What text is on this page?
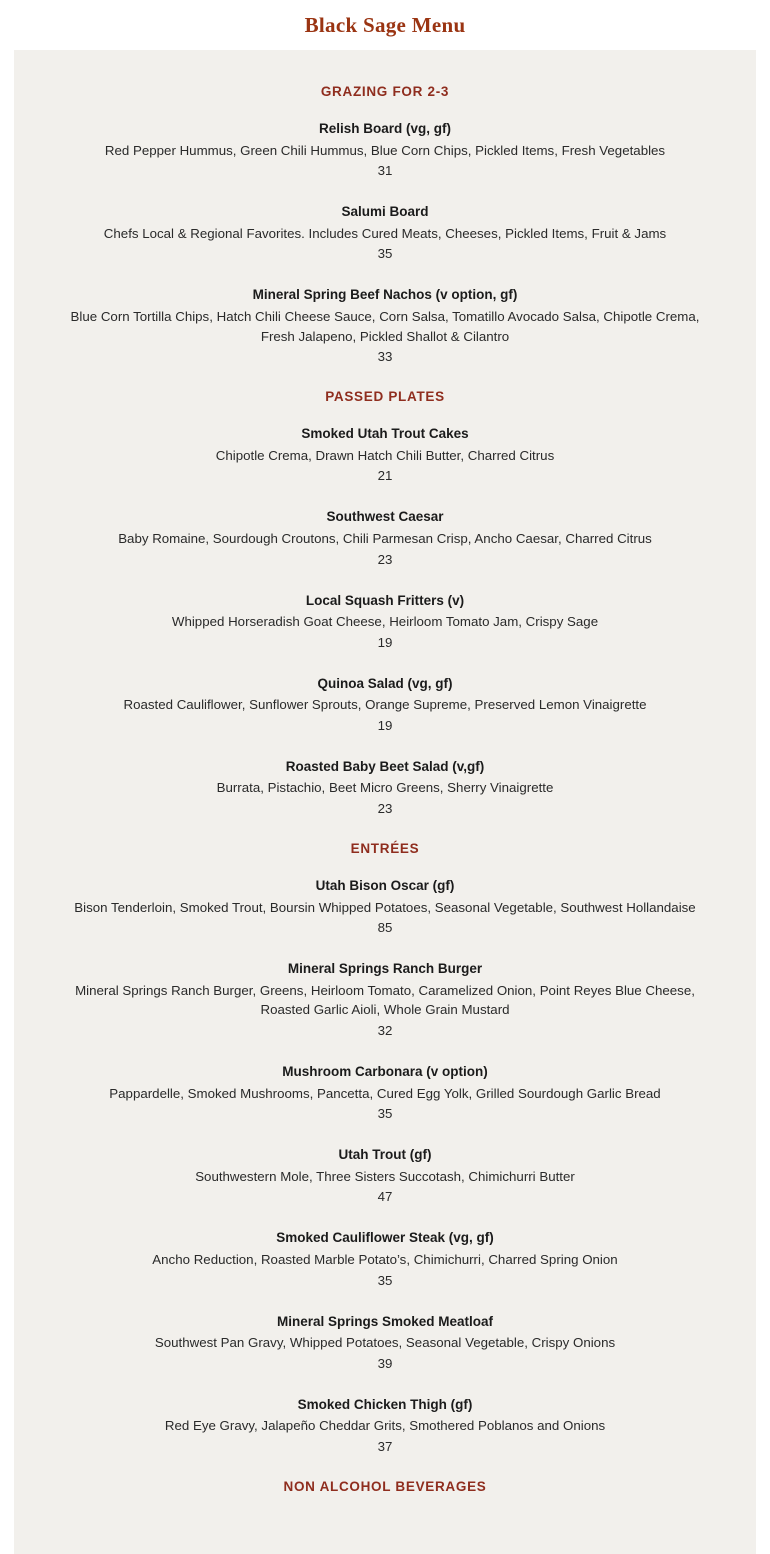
Black Sage Menu
GRAZING FOR 2-3
Relish Board (vg, gf)
Red Pepper Hummus, Green Chili Hummus, Blue Corn Chips, Pickled Items, Fresh Vegetables
31
Salumi Board
Chefs Local & Regional Favorites. Includes Cured Meats, Cheeses, Pickled Items, Fruit & Jams
35
Mineral Spring Beef Nachos (v option, gf)
Blue Corn Tortilla Chips, Hatch Chili Cheese Sauce, Corn Salsa, Tomatillo Avocado Salsa, Chipotle Crema, Fresh Jalapeno, Pickled Shallot & Cilantro
33
PASSED PLATES
Smoked Utah Trout Cakes
Chipotle Crema, Drawn Hatch Chili Butter, Charred Citrus
21
Southwest Caesar
Baby Romaine, Sourdough Croutons, Chili Parmesan Crisp, Ancho Caesar, Charred Citrus
23
Local Squash Fritters (v)
Whipped Horseradish Goat Cheese, Heirloom Tomato Jam, Crispy Sage
19
Quinoa Salad (vg, gf)
Roasted Cauliflower, Sunflower Sprouts, Orange Supreme, Preserved Lemon Vinaigrette
19
Roasted Baby Beet Salad (v,gf)
Burrata, Pistachio, Beet Micro Greens, Sherry Vinaigrette
23
ENTRÉES
Utah Bison Oscar (gf)
Bison Tenderloin, Smoked Trout, Boursin Whipped Potatoes, Seasonal Vegetable, Southwest Hollandaise
85
Mineral Springs Ranch Burger
Mineral Springs Ranch Burger, Greens, Heirloom Tomato, Caramelized Onion, Point Reyes Blue Cheese, Roasted Garlic Aioli, Whole Grain Mustard
32
Mushroom Carbonara (v option)
Pappardelle, Smoked Mushrooms, Pancetta, Cured Egg Yolk, Grilled Sourdough Garlic Bread
35
Utah Trout (gf)
Southwestern Mole, Three Sisters Succotash, Chimichurri Butter
47
Smoked Cauliflower Steak (vg, gf)
Ancho Reduction, Roasted Marble Potato’s, Chimichurri, Charred Spring Onion
35
Mineral Springs Smoked Meatloaf
Southwest Pan Gravy, Whipped Potatoes, Seasonal Vegetable, Crispy Onions
39
Smoked Chicken Thigh (gf)
Red Eye Gravy, Jalapeño Cheddar Grits, Smothered Poblanos and Onions
37
NON ALCOHOL BEVERAGES
